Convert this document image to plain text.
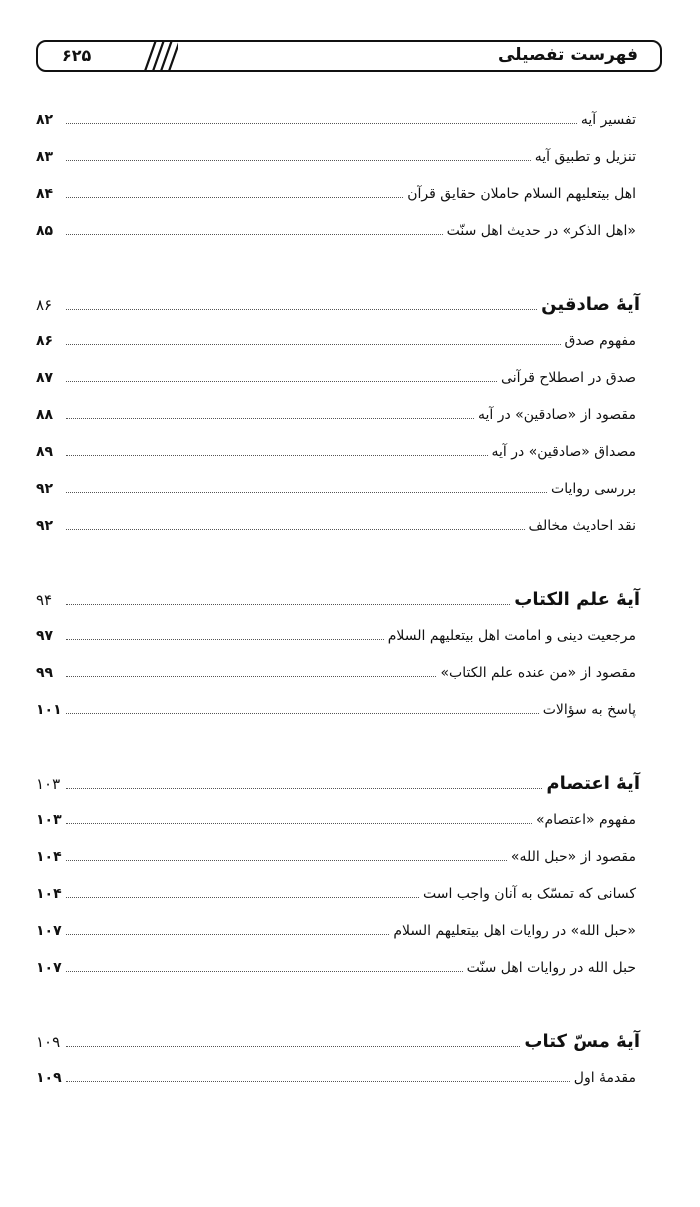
فهرست تفصیلی
۶۲۵
تفسیر آیه
۸۲
تنزیل و تطبیق آیه
۸۳
اهل بیتعليهم السلام حاملان حقایق قرآن
۸۴
«اهل الذکر» در حدیث اهل سنّت
۸۵
آیهٔ صادقین
۸۶
مفهوم صدق
۸۶
صدق در اصطلاح قرآنی
۸۷
مقصود از «صادقین» در آیه
۸۸
مصداق «صادقین» در آیه
۸۹
بررسی روایات
۹۲
نقد احادیث مخالف
۹۲
آیهٔ علم الکتاب
۹۴
مرجعیت دینی و امامت اهل بیتعليهم السلام
۹۷
مقصود از «من عنده علم الکتاب»
۹۹
پاسخ به سؤالات
۱۰۱
آیهٔ اعتصام
۱۰۳
مفهوم «اعتصام»
۱۰۳
مقصود از «حبل الله»
۱۰۴
کسانی که تمسّک به آنان واجب است
۱۰۴
«حبل الله» در روایات اهل بیتعليهم السلام
۱۰۷
حبل الله در روایات اهل سنّت
۱۰۷
آیهٔ مسّ کتاب
۱۰۹
مقدمهٔ اول
۱۰۹
